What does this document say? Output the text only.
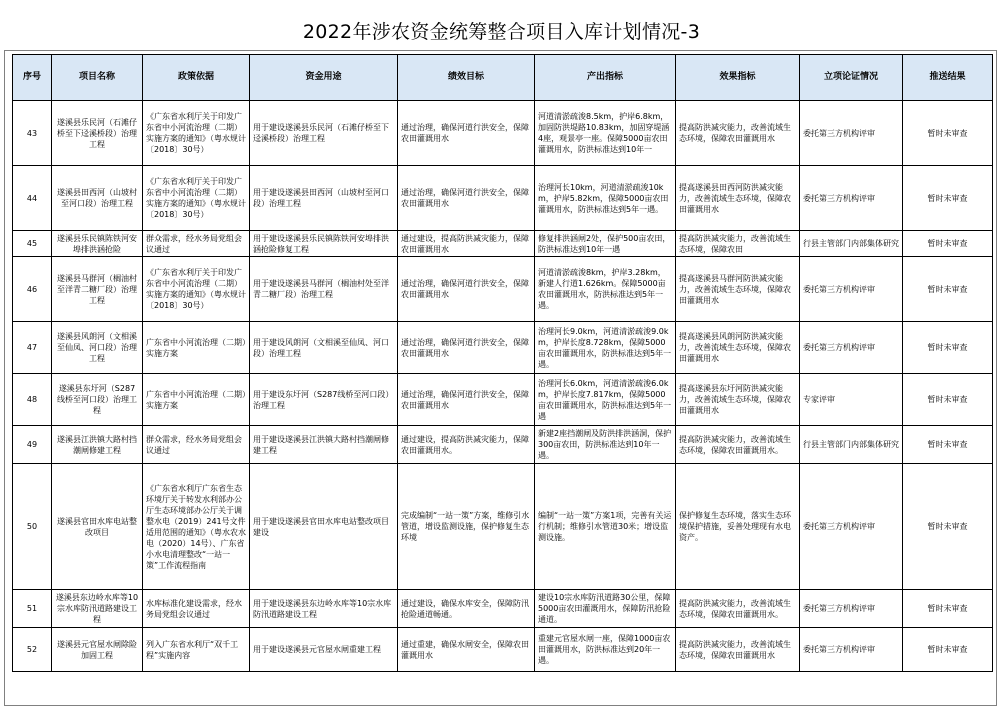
2022年涉农资金统筹整合项目入库计划情况-3
序号	项目名称	政策依据	资金用途	绩效目标	产出指标	效果指标	立项论证情况	推送结果
43	遂溪县乐民河（石滩仔桥至下迳溪桥段）治理工程	《广东省水利厅关于印发广东省中小河流治理（二期）实施方案的通知》（粤水规计〔2018〕30号）	用于建设遂溪县乐民河（石滩仔桥至下迳溪桥段）治理工程	通过治理，确保河道行洪安全，保障农田灌溉用水	河道清淤疏浚8.5km，护岸6.8km，加固防洪堤路10.83km，加固穿堤涵4座，观景亭一座。保障5000亩农田灌溉用水，防洪标准达到10年一	提高防洪减灾能力，改善流域生态环境，保障农田灌溉用水	委托第三方机构评审	暂时未审查
44	遂溪县田西河（山坡村至河口段）治理工程	《广东省水利厅关于印发广东省中小河流治理（二期）实施方案的通知》（粤水规计〔2018〕30号）	用于建设遂溪县田西河（山坡村至河口段）治理工程	通过治理，确保河道行洪安全，保障农田灌溉用水	治理河长10km，河道清淤疏浚10km，护岸5.82km，保障5000亩农田灌溉用水，防洪标准达到5年一遇。	提高遂溪县田西河防洪减灾能力，改善流域生态环境，保障农田灌溉用水	委托第三方机构评审	暂时未审查
45	遂溪县乐民镇陈铁河安埠排洪涵抢险	群众需求，经水务局党组会议通过	用于建设遂溪县乐民镇陈铁河安埠排洪涵抢险修复工程	通过建设，提高防洪减灾能力，保障农田灌溉用水	修复排洪涵闸2处，保护500亩农田，防洪标准达到10年一遇	提高防洪减灾能力，改善流域生态环境，保障农田	行县主管部门内部集体研究	暂时未审查
46	遂溪县马群河（榈油村至洋青二糖厂段）治理工程	《广东省水利厅关于印发广东省中小河流治理（二期）实施方案的通知》（粤水规计〔2018〕30号）	用于建设遂溪县马群河（榈油村处至洋青二糖厂段）治理工程	通过治理，确保河道行洪安全，保障农田灌溉用水	河道清淤疏浚8km，护岸3.28km，新建人行道1.626km。保障5000亩农田灌溉用水，防洪标准达到5年一遇。	提高遂溪县马群河防洪减灾能力，改善流域生态环境，保障农田灌溉用水	委托第三方机构评审	暂时未审查
47	遂溪县风朗河（文相溪至仙凤、河口段）治理工程	广东省中小河流治理（二期）实施方案	用于建设风朗河（文相溪至仙凤、河口段）治理工程	通过治理，确保河道行洪安全，保障农田灌溉用水	治理河长9.0km，河道清淤疏浚9.0km，护岸长度8.728km，保障5000亩农田灌溉用水，防洪标准达到5年一遇。	提高遂溪县风朗河防洪减灾能力，改善流域生态环境，保障农田灌溉用水	委托第三方机构评审	暂时未审查
48	遂溪县东圩河（S287线桥至河口段）治理工程	广东省中小河流治理（二期）实施方案	用于建设东圩河（S287线桥至河口段）治理工程	通过治理，确保河道行洪安全，保障农田灌溉用水	治理河长6.0km，河道清淤疏浚6.0km，护岸长度7.817km，保障5000亩农田灌溉用水，防洪标准达到5年一遇	提高遂溪县东圩河防洪减灾能力，改善流域生态环境，保障农田灌溉用水	专家评审	暂时未审查
49	遂溪县江洪镇大路村挡潮闸修建工程	群众需求，经水务局党组会议通过	用于建设遂溪县江洪镇大路村挡潮闸修建工程	通过建设，提高防洪减灾能力，保障农田灌溉用水。	新建2座挡潮闸及防洪排洪涵洞，保护300亩农田，防洪标准达到10年一遇。	提高防洪减灾能力，改善流域生态环境，保障农田灌溉用水。	行县主管部门内部集体研究	暂时未审查
50	遂溪县官田水库电站整改项目	《广东省水利厅广东省生态环境厅关于转发水利部办公厅生态环境部办公厅关于调整水电（2019）241号文件适用范围的通知》（粤水农水电（2020）14号）、广东省小水电清理整改“一站一策”工作流程指南	用于建设遂溪县官田水库电站整改项目建设	完成编制“一站一策”方案，维修引水管道，增设监测设施，保护修复生态环境	编制“一站一策”方案1项，完善有关运行机制；维修引水管道30米；增设监测设施。	保护修复生态环境，落实生态环境保护措施，妥善处理现有水电资产。	委托第三方机构评审	暂时未审查
51	遂溪县东边岭水库等10宗水库防汛道路建设工程	水库标准化建设需求，经水务局党组会议通过	用于建设遂溪县东边岭水库等10宗水库防汛道路建设工程	通过建设，确保水库安全，保障防汛抢险通道畅通。	建设10宗水库防汛道路30公里，保障5000亩农田灌溉用水，保障防汛抢险通道。	提高防洪减灾能力，改善流域生态环境，保障农田灌溉用水。	委托第三方机构评审	暂时未审查
52	遂溪县元官屋水闸除险加固工程	列入广东省水利厅“双千工程”实施内容	用于建设遂溪县元官屋水闸重建工程	通过重建，确保水闸安全，保障农田灌溉用水	重建元官屋水闸一座，保障1000亩农田灌溉用水，防洪标准达到20年一遇。	提高防洪减灾能力，改善流域生态环境，保障农田灌溉用水	委托第三方机构评审	暂时未审查
